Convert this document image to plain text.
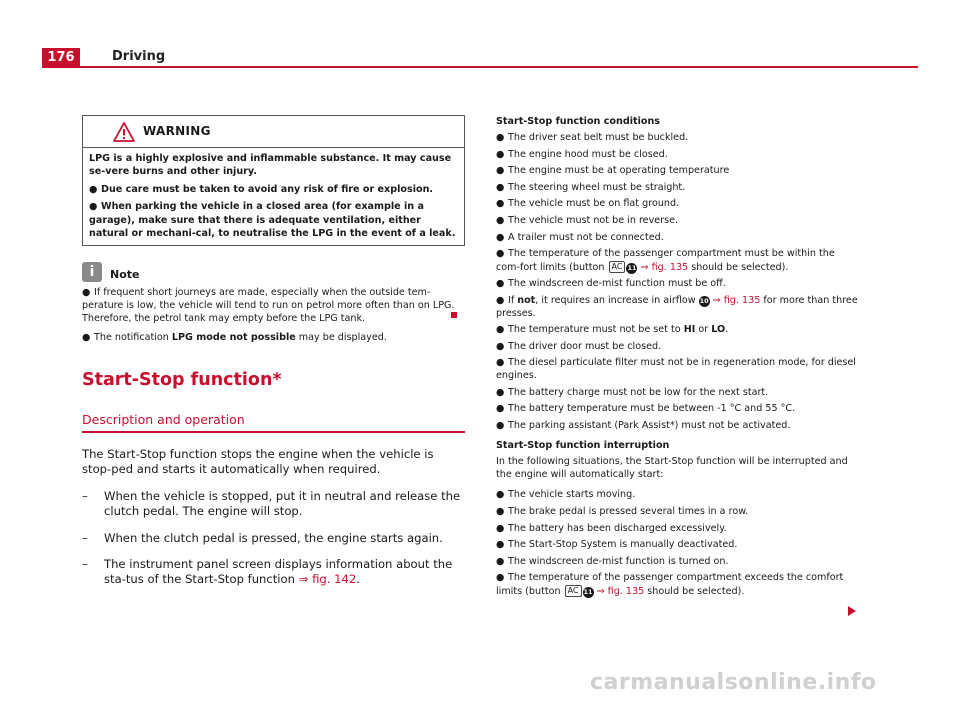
176	Driving
WARNING

LPG is a highly explosive and inflammable substance. It may cause se-vere burns and other injury.

● Due care must be taken to avoid any risk of fire or explosion.

● When parking the vehicle in a closed area (for example in a garage), make sure that there is adequate ventilation, either natural or mechani-cal, to neutralise the LPG in the event of a leak.

i	Note

● If frequent short journeys are made, especially when the outside tem-perature is low, the vehicle will tend to run on petrol more often than on LPG. Therefore, the petrol tank may empty before the LPG tank.

● The notification LPG mode not possible may be displayed.

Start-Stop function*
Description and operation

The Start-Stop function stops the engine when the vehicle is stop-ped and starts it automatically when required.

– When the vehicle is stopped, put it in neutral and release the clutch pedal. The engine will stop.
– When the clutch pedal is pressed, the engine starts again.
– The instrument panel screen displays information about the sta-tus of the Start-Stop function ⇒ fig. 142.
Start-Stop function conditions
● The driver seat belt must be buckled.
● The engine hood must be closed.
● The engine must be at operating temperature
● The steering wheel must be straight.
● The vehicle must be on flat ground.
● The vehicle must not be in reverse.
● A trailer must not be connected.
● The temperature of the passenger compartment must be within the com-fort limits (button AC 11 ⇒ fig. 135 should be selected).
● The windscreen de-mist function must be off.
● If not, it requires an increase in airflow 10 ⇒ fig. 135 for more than three presses.
● The temperature must not be set to HI or LO.
● The driver door must be closed.
● The diesel particulate filter must not be in regeneration mode, for diesel engines.
● The battery charge must not be low for the next start.
● The battery temperature must be between -1 °C and 55 °C.
● The parking assistant (Park Assist*) must not be activated.
Start-Stop function interruption
In the following situations, the Start-Stop function will be interrupted and the engine will automatically start:
● The vehicle starts moving.
● The brake pedal is pressed several times in a row.
● The battery has been discharged excessively.
● The Start-Stop System is manually deactivated.
● The windscreen de-mist function is turned on.
● The temperature of the passenger compartment exceeds the comfort limits (button AC 11 ⇒ fig. 135 should be selected).
carmanualsonline.info
